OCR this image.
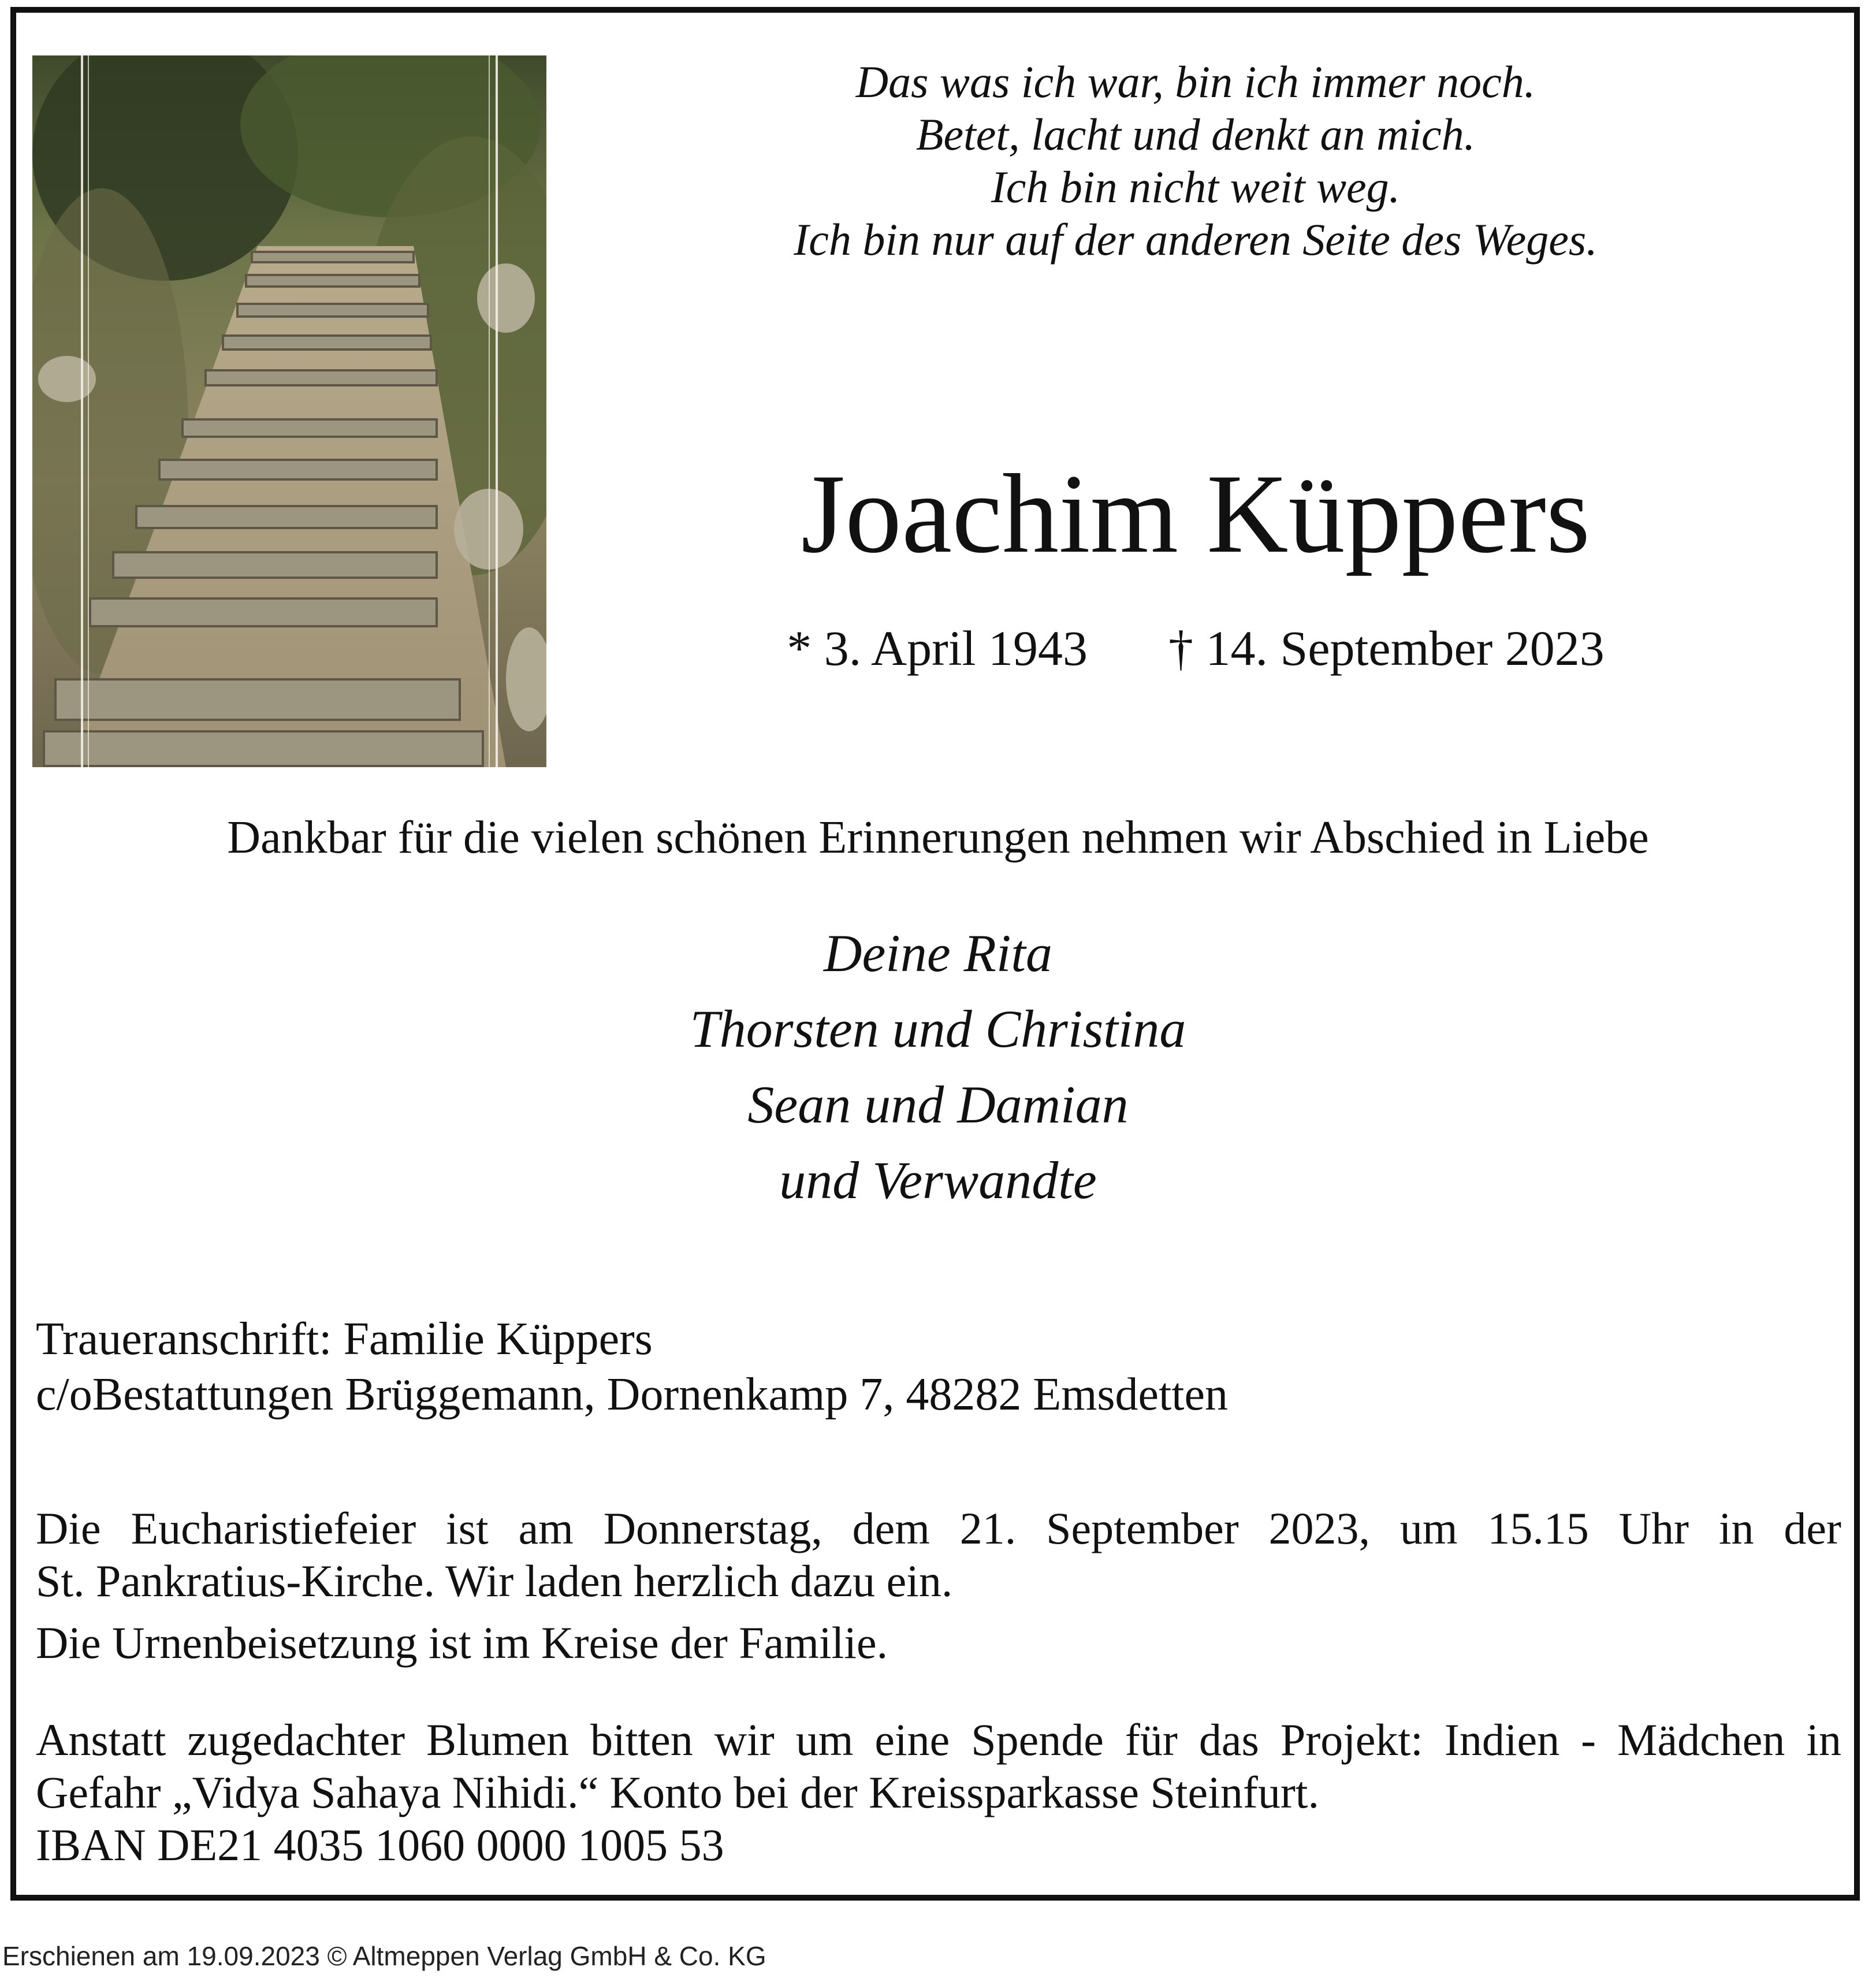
Das was ich war, bin ich immer noch.
Betet, lacht und denkt an mich.
Ich bin nicht weit weg.
Ich bin nur auf der anderen Seite des Weges.
Joachim Küppers
* 3. April 1943 † 14. September 2023
Dankbar für die vielen schönen Erinnerungen nehmen wir Abschied in Liebe
Deine Rita
Thorsten und Christina
Sean und Damian
und Verwandte
Traueranschrift: Familie Küppers
c/oBestattungen Brüggemann, Dornenkamp 7, 48282 Emsdetten
Die Eucharistiefeier ist am Donnerstag, dem 21. September 2023, um 15.15 Uhr in der
St. Pankratius-Kirche. Wir laden herzlich dazu ein.
Die Urnenbeisetzung ist im Kreise der Familie.
Anstatt zugedachter Blumen bitten wir um eine Spende für das Projekt: Indien - Mädchen in
Gefahr „Vidya Sahaya Nihidi.“ Konto bei der Kreissparkasse Steinfurt.
IBAN DE21 4035 1060 0000 1005 53
Erschienen am 19.09.2023 © Altmeppen Verlag GmbH & Co. KG
